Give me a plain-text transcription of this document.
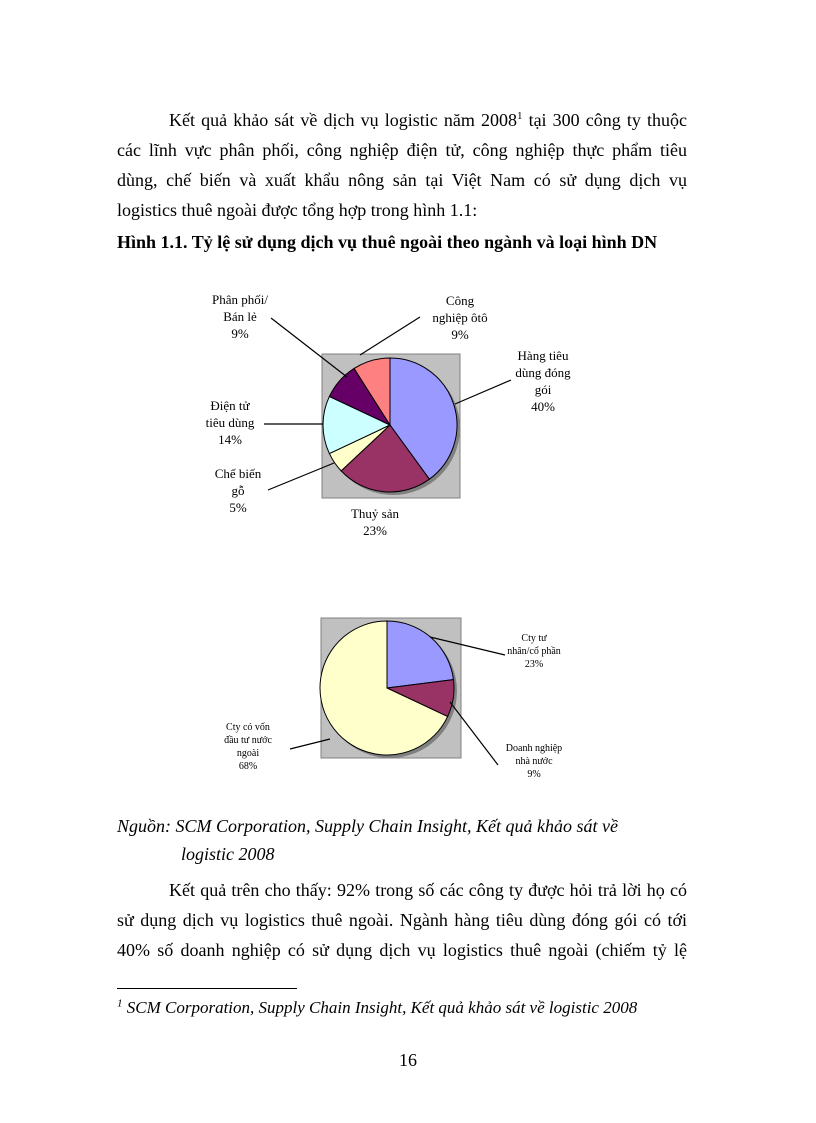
Kết quả khảo sát về dịch vụ logistic năm 2008$^1$ tại 300 công ty thuộc các lĩnh vực phân phối, công nghiệp điện tử, công nghiệp thực phẩm tiêu dùng, chế biến và xuất khẩu nông sản tại Việt Nam có sử dụng dịch vụ

logistics thuê ngoài được tổng hợp trong hình 1.1:

Hình 1.1. Tỷ lệ sử dụng dịch vụ thuê ngoài theo ngành và loại hình DN

Hàng tiêu dùng đóng gói 40%
Thuỷ sản 23%
Chế biến gỗ 5%
Điện tử tiêu dùng 14%
Phân phối/ Bán lẻ 9%
Công nghiệp ôtô 9%
Cty tư nhân/cổ phần 23%
Doanh nghiệp nhà nước 9%
Cty có vốn đầu tư nước ngoài 68%

Nguồn: SCM Corporation, Supply Chain Insight, Kết quả khảo sát về
logistic 2008

Kết quả trên cho thấy: 92% trong số các công ty được hỏi trả lời họ có sử dụng dịch vụ logistics thuê ngoài. Ngành hàng tiêu dùng đóng gói có tới 40% số doanh nghiệp có sử dụng dịch vụ logistics thuê ngoài (chiếm tỷ lệ

$^1$ SCM Corporation, Supply Chain Insight, Kết quả khảo sát về logistic 2008

16
